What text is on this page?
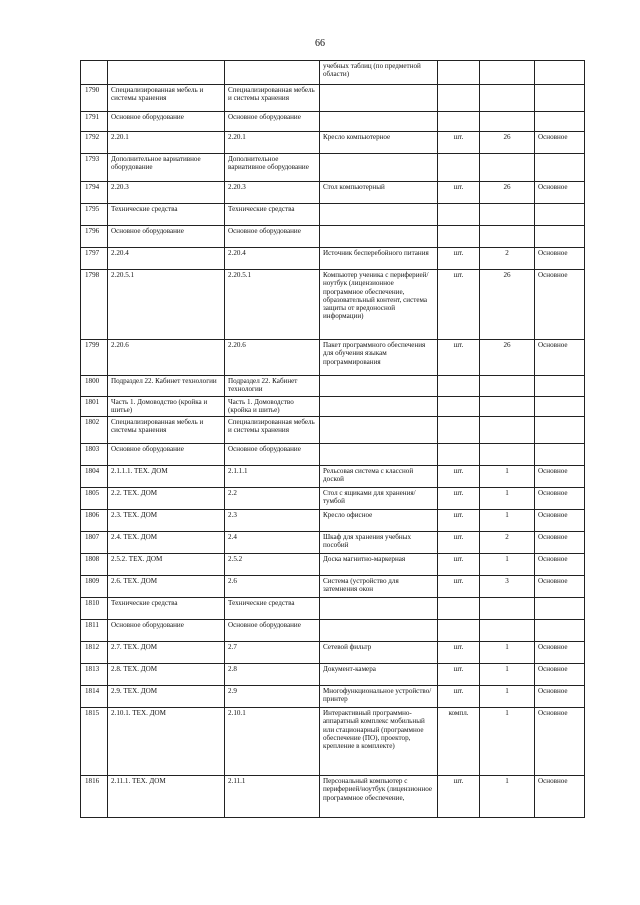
66
			учебных таблиц (по предметной области)			
1790	Специализированная мебель и системы хранения	Специализированная мебель и системы хранения				
1791	Основное оборудование	Основное оборудование				
1792	2.20.1	2.20.1	Кресло компьютерное	шт.	26	Основное
1793	Дополнительное вариативное оборудование	Дополнительное вариативное оборудование				
1794	2.20.3	2.20.3	Стол компьютерный	шт.	26	Основное
1795	Технические средства	Технические средства				
1796	Основное оборудование	Основное оборудование				
1797	2.20.4	2.20.4	Источник бесперебойного питания	шт.	2	Основное
1798	2.20.5.1	2.20.5.1	Компьютер ученика с периферией/ноутбук (лицензионное программное обеспечение, образовательный контент, система защиты от вредоносной информации)	шт.	26	Основное
1799	2.20.6	2.20.6	Пакет программного обеспечения для обучения языкам программирования	шт.	26	Основное
1800	Подраздел 22. Кабинет технологии	Подраздел 22. Кабинет технологии				
1801	Часть 1. Домоводство (кройка и шитье)	Часть 1. Домоводство (кройка и шитье)				
1802	Специализированная мебель и системы хранения	Специализированная мебель и системы хранения				
1803	Основное оборудование	Основное оборудование				
1804	2.1.1.1. ТЕХ. ДОМ	2.1.1.1	Рельсовая система с классной доской	шт.	1	Основное
1805	2.2. ТЕХ. ДОМ	2.2	Стол с ящиками для хранения/тумбой	шт.	1	Основное
1806	2.3. ТЕХ. ДОМ	2.3	Кресло офисное	шт.	1	Основное
1807	2.4. ТЕХ. ДОМ	2.4	Шкаф для хранения учебных пособий	шт.	2	Основное
1808	2.5.2. ТЕХ. ДОМ	2.5.2	Доска магнитно-маркерная	шт.	1	Основное
1809	2.6. ТЕХ. ДОМ	2.6	Система (устройство для затемнения окон	шт.	3	Основное
1810	Технические средства	Технические средства				
1811	Основное оборудование	Основное оборудование				
1812	2.7. ТЕХ. ДОМ	2.7	Сетевой фильтр	шт.	1	Основное
1813	2.8. ТЕХ. ДОМ	2.8	Документ-камера	шт.	1	Основное
1814	2.9. ТЕХ. ДОМ	2.9	Многофункциональное устройство/принтер	шт.	1	Основное
1815	2.10.1. ТЕХ. ДОМ	2.10.1	Интерактивный программно-аппаратный комплекс мобильный или стационарный (программное обеспечение (ПО), проектор, крепление в комплекте)	компл.	1	Основное
1816	2.11.1. ТЕХ. ДОМ	2.11.1	Персональный компьютер с периферией/ноутбук (лицензионное программное обеспечение,	шт.	1	Основное
